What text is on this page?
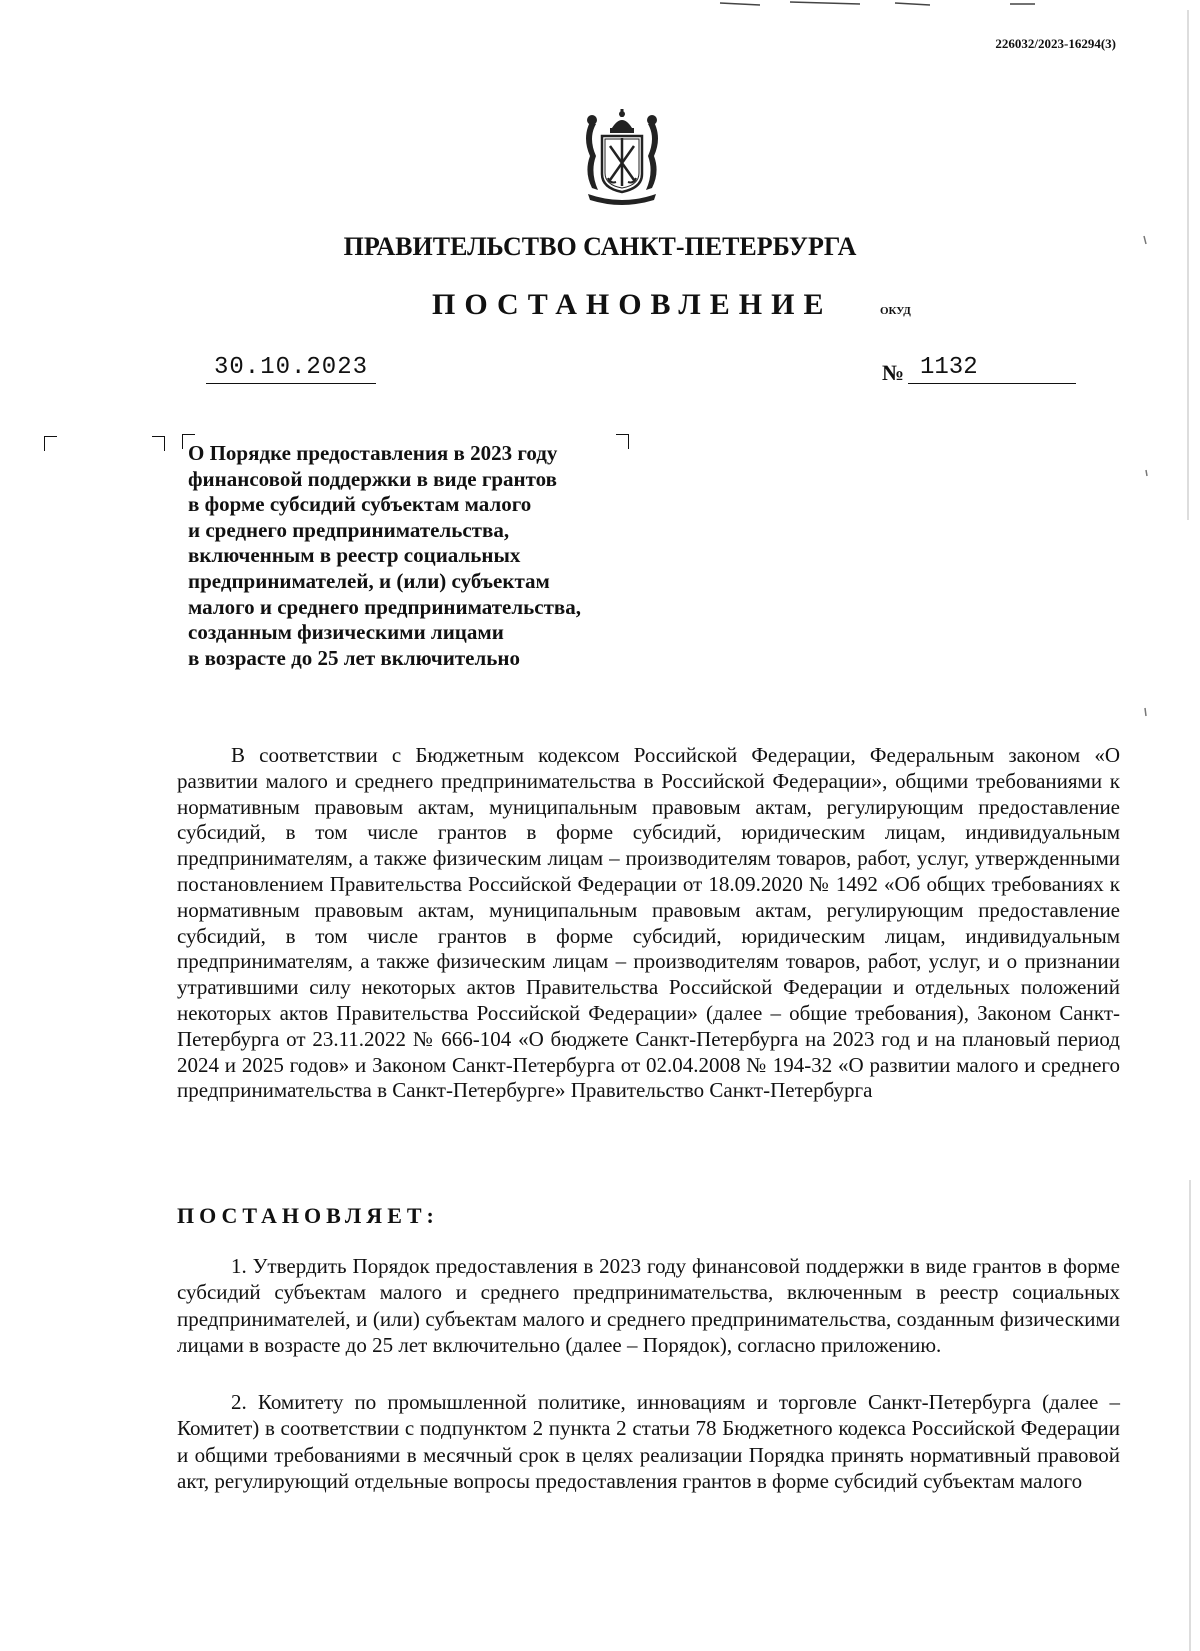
226032/2023-16294(3)
ПРАВИТЕЛЬСТВО САНКТ-ПЕТЕРБУРГА
ПОСТАНОВЛЕНИЕ	ОКУД
30.10.2023	№ 1132
О Порядке предоставления в 2023 году
финансовой поддержки в виде грантов
в форме субсидий субъектам малого
и среднего предпринимательства,
включенным в реестр социальных
предпринимателей, и (или) субъектам
малого и среднего предпринимательства,
созданным физическими лицами
в возрасте до 25 лет включительно
В соответствии с Бюджетным кодексом Российской Федерации, Федеральным законом «О развитии малого и среднего предпринимательства в Российской Федерации», общими требованиями к нормативным правовым актам, муниципальным правовым актам, регулирующим предоставление субсидий, в том числе грантов в форме субсидий, юридическим лицам, индивидуальным предпринимателям, а также физическим лицам – производителям товаров, работ, услуг, утвержденными постановлением Правительства Российской Федерации от 18.09.2020 № 1492 «Об общих требованиях к нормативным правовым актам, муниципальным правовым актам, регулирующим предоставление субсидий, в том числе грантов в форме субсидий, юридическим лицам, индивидуальным предпринимателям, а также физическим лицам – производителям товаров, работ, услуг, и о признании утратившими силу некоторых актов Правительства Российской Федерации и отдельных положений некоторых актов Правительства Российской Федерации» (далее – общие требования), Законом Санкт-Петербурга от 23.11.2022 № 666-104 «О бюджете Санкт-Петербурга на 2023 год и на плановый период 2024 и 2025 годов» и Законом Санкт-Петербурга от 02.04.2008 № 194-32 «О развитии малого и среднего предпринимательства в Санкт-Петербурге» Правительство Санкт-Петербурга
ПОСТАНОВЛЯЕТ:
1. Утвердить Порядок предоставления в 2023 году финансовой поддержки в виде грантов в форме субсидий субъектам малого и среднего предпринимательства, включенным в реестр социальных предпринимателей, и (или) субъектам малого и среднего предпринимательства, созданным физическими лицами в возрасте до 25 лет включительно (далее – Порядок), согласно приложению.
2. Комитету по промышленной политике, инновациям и торговле Санкт-Петербурга (далее – Комитет) в соответствии с подпунктом 2 пункта 2 статьи 78 Бюджетного кодекса Российской Федерации и общими требованиями в месячный срок в целях реализации Порядка принять нормативный правовой акт, регулирующий отдельные вопросы предоставления грантов в форме субсидий субъектам малого
